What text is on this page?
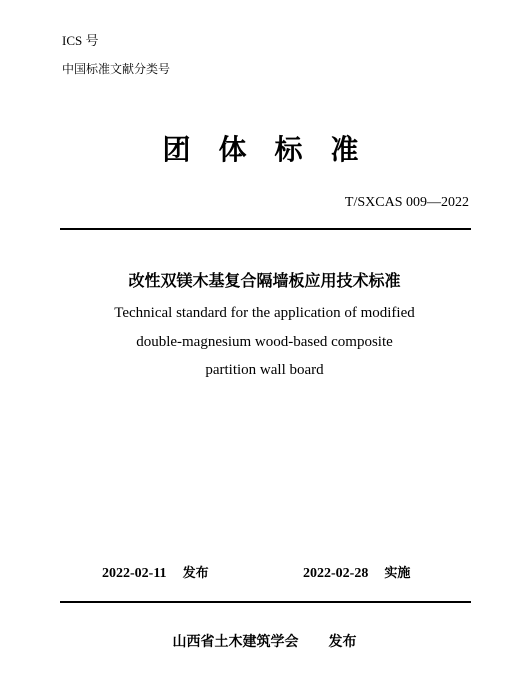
ICS 号
中国标准文献分类号
团体标准
T/SXCAS 009—2022
改性双镁木基复合隔墙板应用技术标准
Technical standard for the application of modified
double-magnesium wood-based composite
partition wall board
2022-02-11 发布	2022-02-28 实施
山西省土木建筑学会 发布
